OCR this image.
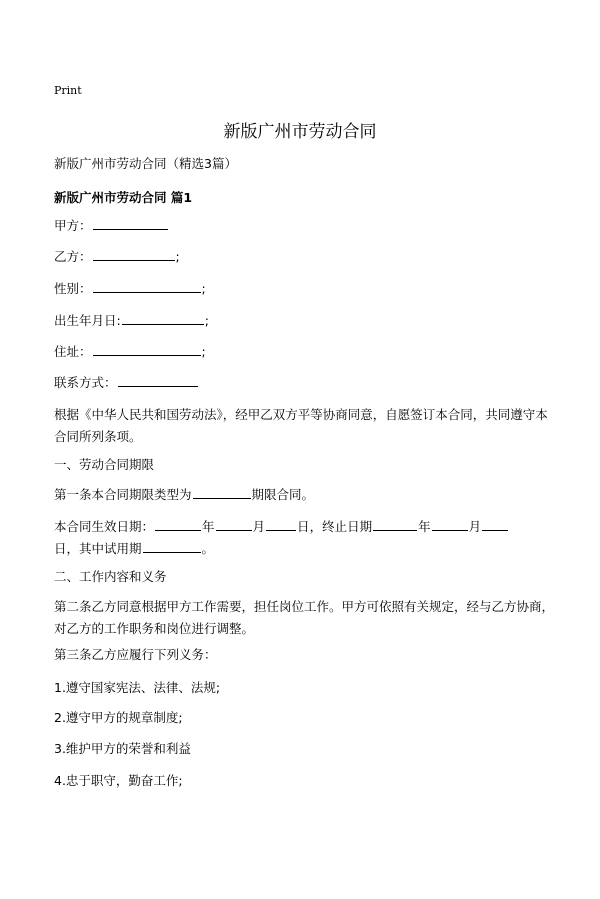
Print
新版广州市劳动合同
新版广州市劳动合同（精选3篇）
新版广州市劳动合同 篇1
甲方：
乙方：	;
性别：	;
出生年月日:	;
住址：	;
联系方式：
根据《中华人民共和国劳动法》，经甲乙双方平等协商同意，自愿签订本合同，共同遵守本合同所列条项。
一、劳动合同期限
第一条本合同期限类型为	期限合同。
本合同生效日期：	年	月	日，终止日期	年	月
日，其中试用期	。
二、工作内容和义务
第二条乙方同意根据甲方工作需要，担任岗位工作。甲方可依照有关规定，经与乙方协商，对乙方的工作职务和岗位进行调整。
第三条乙方应履行下列义务：
1.遵守国家宪法、法律、法规;
2.遵守甲方的规章制度;
3.维护甲方的荣誉和利益
4.忠于职守，勤奋工作;
